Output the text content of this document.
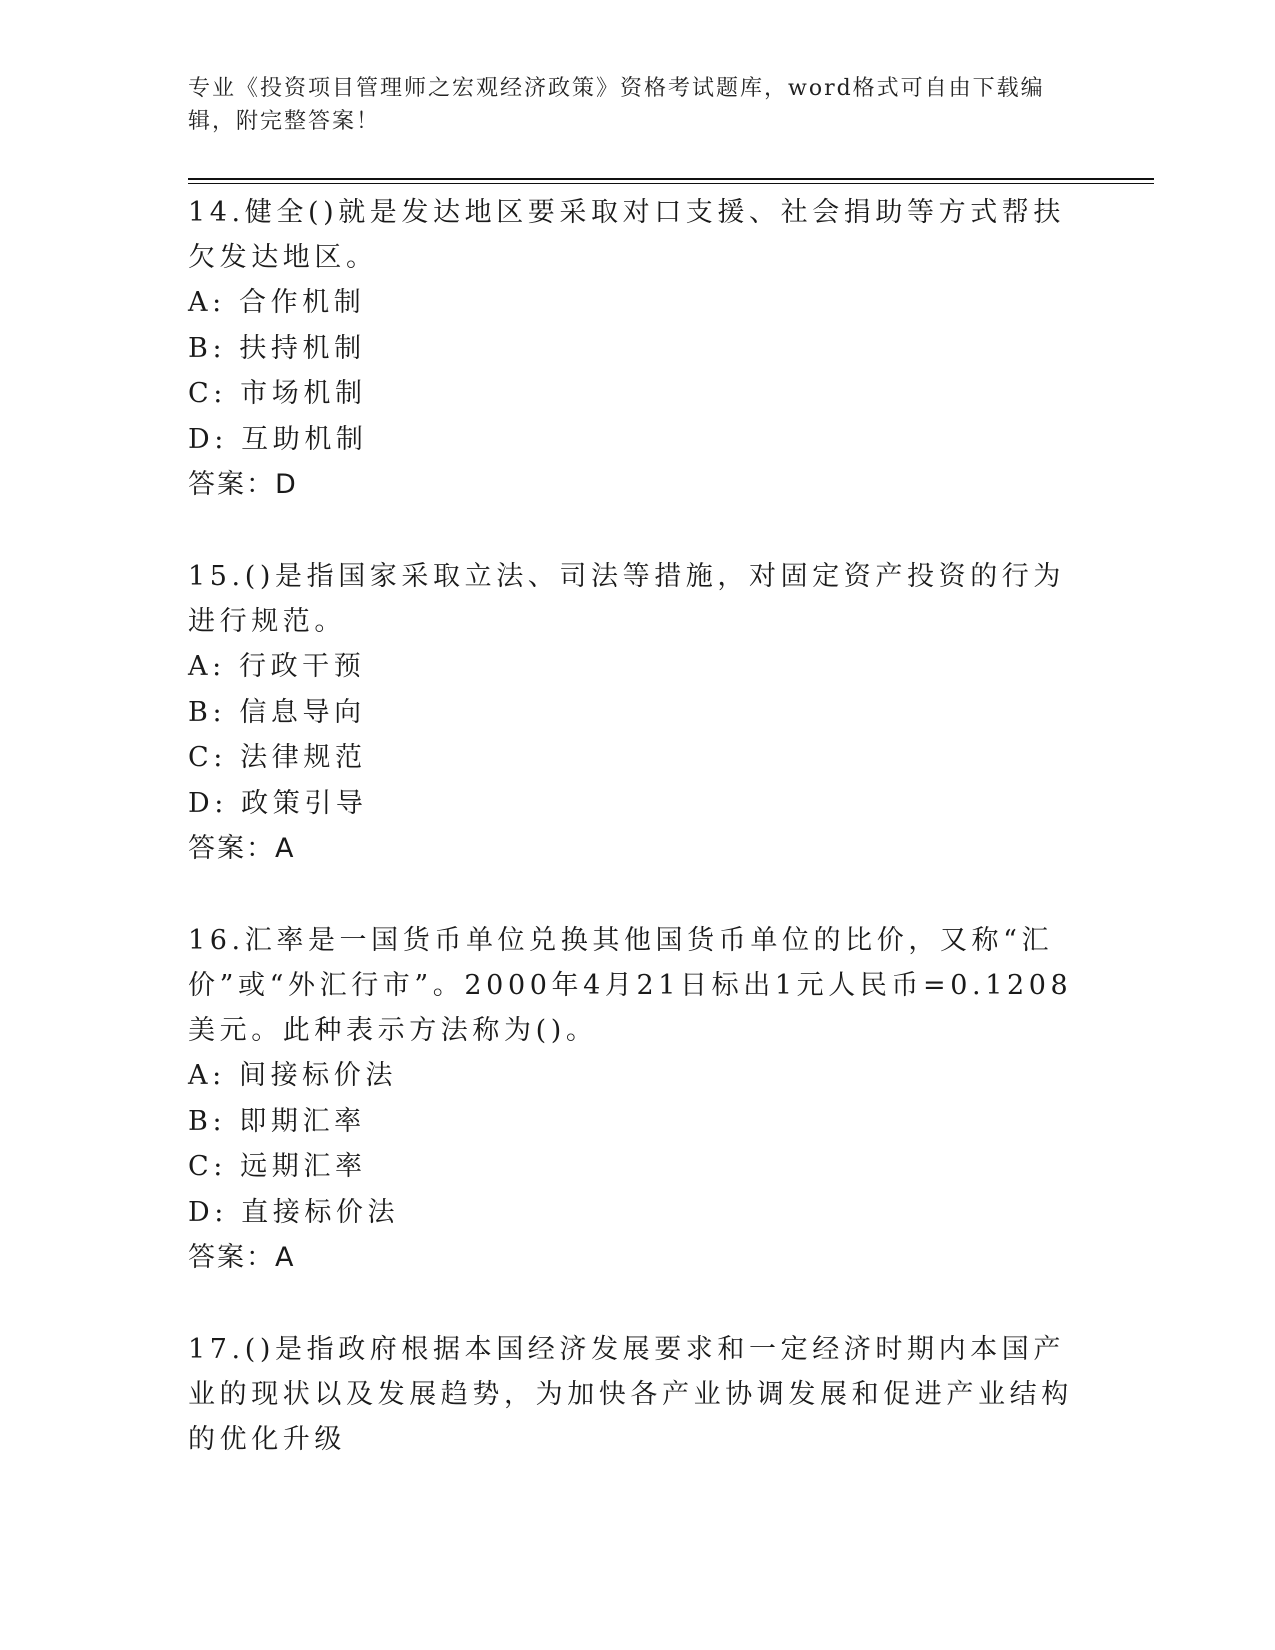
专业《投资项目管理师之宏观经济政策》资格考试题库，word格式可自由下载编辑，附完整答案！

14.健全()就是发达地区要采取对口支援、社会捐助等方式帮扶欠发达地区。

A: 合作机制

B: 扶持机制

C: 市场机制

D: 互助机制

答案：D

15.()是指国家采取立法、司法等措施，对固定资产投资的行为进行规范。

A: 行政干预

B: 信息导向

C: 法律规范

D: 政策引导

答案：A

16.汇率是一国货币单位兑换其他国货币单位的比价，又称“汇价”或“外汇行市”。2000年4月21日标出1元人民币=0.1208美元。此种表示方法称为()。

A: 间接标价法

B: 即期汇率

C: 远期汇率

D: 直接标价法

答案：A

17.()是指政府根据本国经济发展要求和一定经济时期内本国产业的现状以及发展趋势，为加快各产业协调发展和促进产业结构的优化升级
